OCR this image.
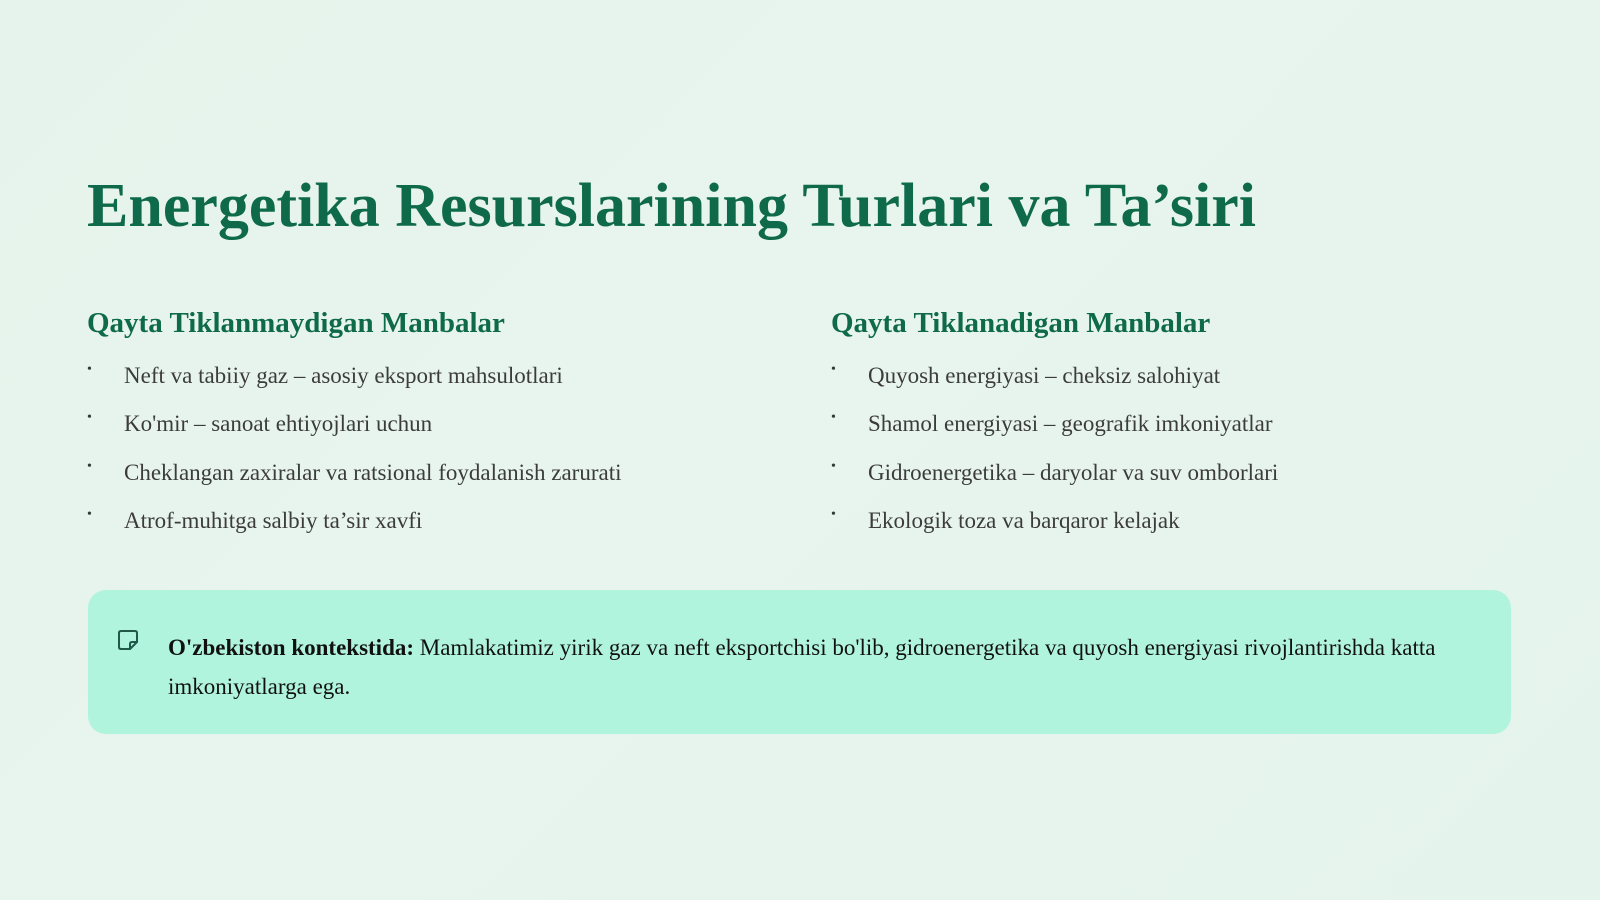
Energetika Resurslarining Turlari va Ta’siri
Qayta Tiklanmaydigan Manbalar
• Neft va tabiiy gaz – asosiy eksport mahsulotlari
• Ko'mir – sanoat ehtiyojlari uchun
• Cheklangan zaxiralar va ratsional foydalanish zarurati
• Atrof-muhitga salbiy ta’sir xavfi
Qayta Tiklanadigan Manbalar
• Quyosh energiyasi – cheksiz salohiyat
• Shamol energiyasi – geografik imkoniyatlar
• Gidroenergetika – daryolar va suv omborlari
• Ekologik toza va barqaror kelajak
O'zbekiston kontekstida: Mamlakatimiz yirik gaz va neft eksportchisi bo'lib, gidroenergetika va quyosh energiyasi rivojlantirishda katta imkoniyatlarga ega.
